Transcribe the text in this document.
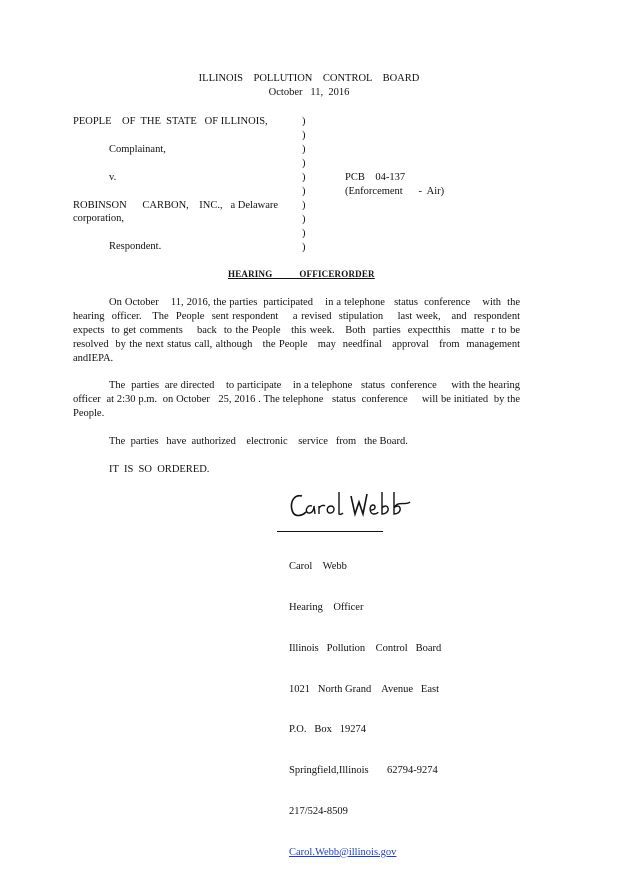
ILLINOIS    POLLUTION    CONTROL    BOARD
October   11,  2016
PEOPLE    OF  THE  STATE   OF ILLINOIS,
Complainant,
v.
ROBINSON      CARBON,    INC.,   a Delaware
corporation,
Respondent.
)
)
)
)
)
)
)
)
)
)
PCB    04-137
(Enforcement      -  Air)
HEARING           OFFICERORDER
On October    11, 2016, the parties  participated    in a telephone   status  conference    with  the hearing  officer.   The  People  sent respondent    a revised  stipulation    last week,   and  respondent expects  to get comments    back  to the People   this week.   Both  parties  expectthis   matte  r to be resolved  by the next status call, although   the People   may  needfinal   approval   from  management andIEPA.
The  parties  are directed    to participate    in a telephone   status  conference     with the hearing officer  at 2:30 p.m.  on October   25, 2016 . The telephone   status  conference     will be initiated  by the People.
The  parties   have  authorized    electronic    service   from   the Board.
IT  IS  SO  ORDERED.

Carol    Webb

Hearing    Officer

Illinois   Pollution    Control   Board

1021   North Grand    Avenue   East

P.O.   Box   19274

Springfield,Illinois       62794-9274

217/524-8509

Carol.Webb@illinois.gov
